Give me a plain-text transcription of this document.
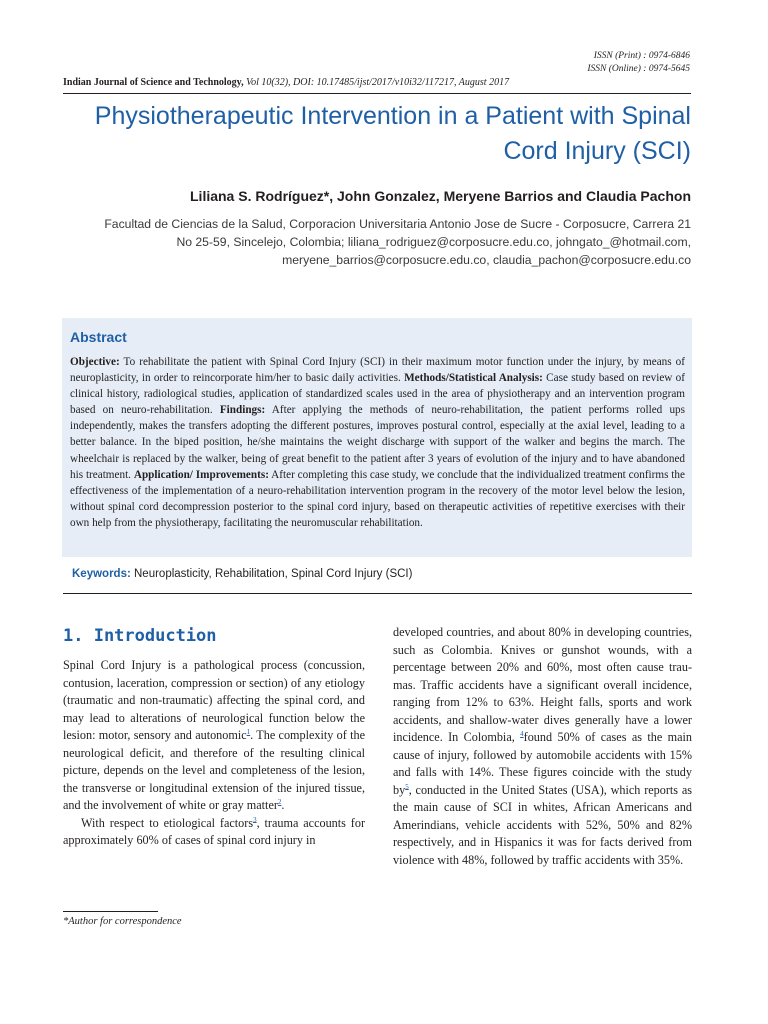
ISSN (Print) : 0974-6846
ISSN (Online) : 0974-5645
Indian Journal of Science and Technology, Vol 10(32), DOI: 10.17485/ijst/2017/v10i32/117217, August 2017
Physiotherapeutic Intervention in a Patient with Spinal Cord Injury (SCI)
Liliana S. Rodríguez*, John Gonzalez, Meryene Barrios and Claudia Pachon
Facultad de Ciencias de la Salud, Corporacion Universitaria Antonio Jose de Sucre - Corposucre, Carrera 21
No 25-59, Sincelejo, Colombia; liliana_rodriguez@corposucre.edu.co, johngato_@hotmail.com,
meryene_barrios@corposucre.edu.co, claudia_pachon@corposucre.edu.co
Abstract
Objective: To rehabilitate the patient with Spinal Cord Injury (SCI) in their maximum motor function under the injury, by means of neuroplasticity, in order to reincorporate him/her to basic daily activities. Methods/Statistical Analysis: Case study based on review of clinical history, radiological studies, application of standardized scales used in the area of physiotherapy and an intervention program based on neuro-rehabilitation. Findings: After applying the methods of neuro-rehabilitation, the patient performs rolled ups independently, makes the transfers adopting the different postures, improves postural control, especially at the axial level, leading to a better balance. In the biped position, he/she maintains the weight discharge with support of the walker and begins the march. The wheelchair is replaced by the walker, being of great benefit to the patient after 3 years of evolution of the injury and to have abandoned his treatment. Application/ Improvements: After completing this case study, we conclude that the individualized treatment confirms the effectiveness of the implementation of a neuro-rehabilitation intervention program in the recovery of the motor level below the lesion, without spinal cord decompression posterior to the spinal cord injury, based on therapeutic activities of repetitive exercises with their own help from the physiotherapy, facilitating the neuromuscular rehabilitation.
Keywords: Neuroplasticity, Rehabilitation, Spinal Cord Injury (SCI)
1. Introduction

Spinal Cord Injury is a pathological process (concussion, contusion, laceration, compression or section) of any etiology (traumatic and non-traumatic) affecting the spinal cord, and may lead to alterations of neurological function below the lesion: motor, sensory and autonomic$^1$. The complexity of the neurological deficit, and therefore of the resulting clinical picture, depends on the level and completeness of the lesion, the transverse or longitudinal extension of the injured tissue, and the involvement of white or gray matter$^2$.

With respect to etiological factors$^3$, trauma accounts for approximately 60% of cases of spinal cord injury in

developed countries, and about 80% in developing countries, such as Colombia. Knives or gunshot wounds, with a percentage between 20% and 60%, most often cause traumas. Traffic accidents have a significant overall incidence, ranging from 12% to 63%. Height falls, sports and work accidents, and shallow-water dives generally have a lower incidence. In Colombia, $^4$found 50% of cases as the main cause of injury, followed by automobile accidents with 15% and falls with 14%. These figures coincide with the study $by^5$, conducted in the United States (USA), which reports as the main cause of SCI in whites, African Americans and Amerindians, vehicle accidents with 52%, 50% and 82% respectively, and in Hispanics it was for facts derived from violence with 48%, followed by traffic accidents with 35%.

*Author for correspondence
